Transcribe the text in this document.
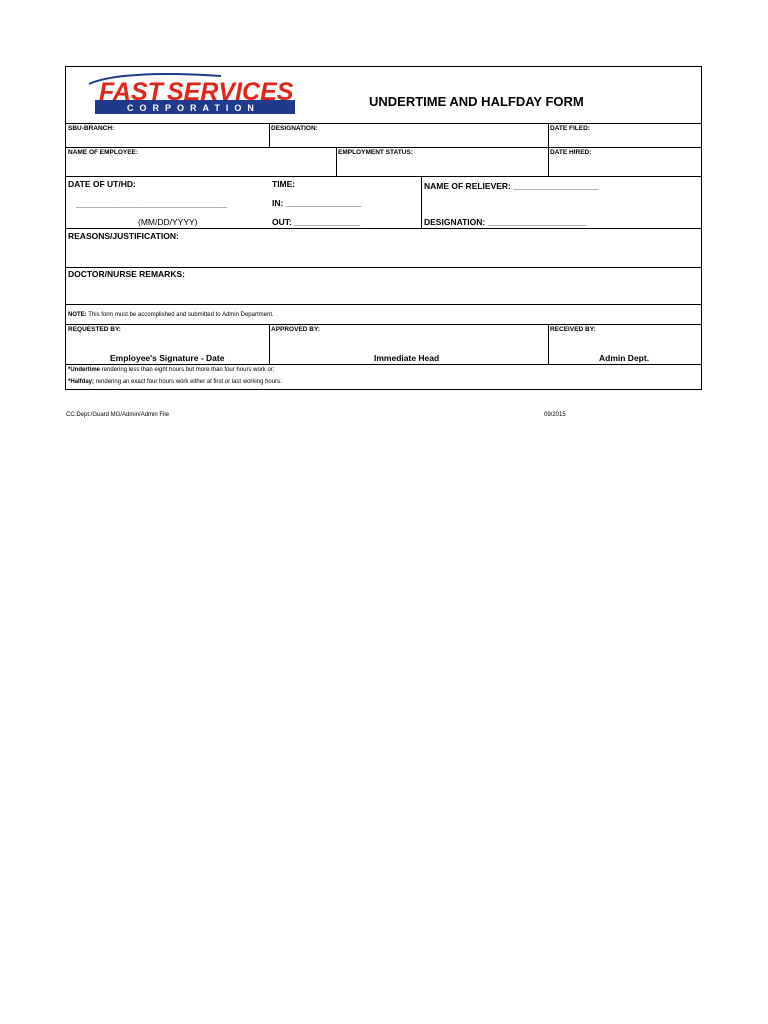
FAST SERVICES
CORPORATION	UNDERTIME AND HALFDAY FORM
SBU-BRANCH:	DESIGNATION:	DATE FILED:
NAME OF EMPLOYEE:	EMPLOYMENT STATUS:	DATE HIRED:
DATE OF UT/HD:
________________________________
(MM/DD/YYYY)
TIME:
IN: ________________
OUT: ______________
NAME OF RELIEVER: __________________
DESIGNATION: _____________________
REASONS/JUSTIFICATION:
DOCTOR/NURSE REMARKS:
NOTE: This form must be accomplished and submitted to Admin Department.
REQUESTED BY:	APPROVED BY:	RECEIVED BY:
Employee's Signature - Date	Immediate Head	Admin Dept.
*Undertime rendering less than eight hours but more than four hours work or;
*Halfday; rendering an exact four hours work either at first or last working hours.
CC.Dept./Guard MG/Admin/Admin File	09/2015
